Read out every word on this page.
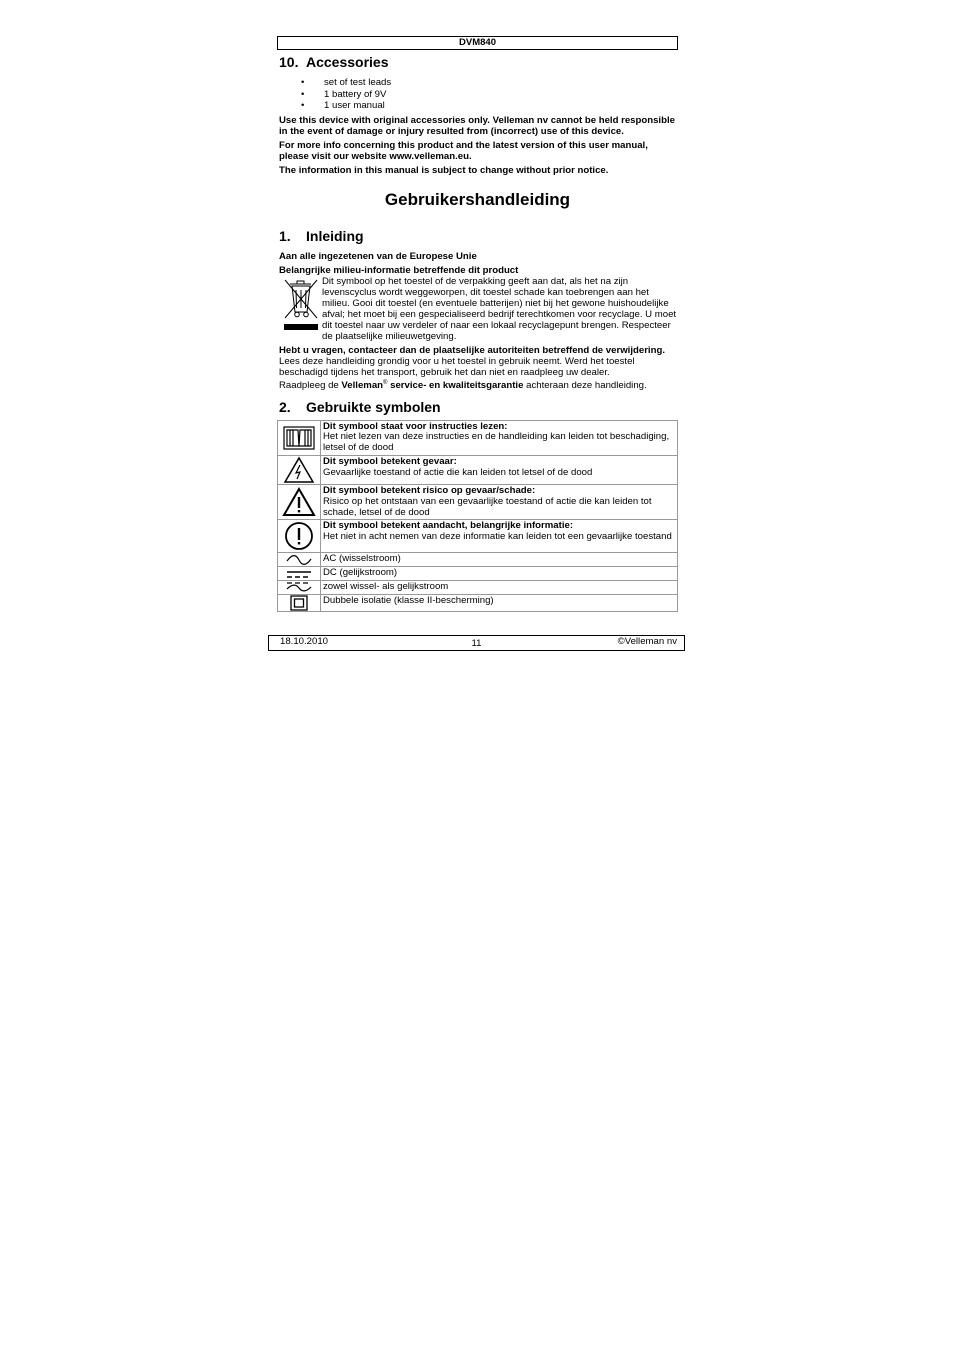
DVM840
10. Accessories
• set of test leads
• 1 battery of 9V
• 1 user manual

Use this device with original accessories only. Velleman nv cannot be held responsible in the event of damage or injury resulted from (incorrect) use of this device.

For more info concerning this product and the latest version of this user manual, please visit our website www.velleman.eu.

The information in this manual is subject to change without prior notice.

Gebruikershandleiding
1. Inleiding

Aan alle ingezetenen van de Europese Unie

Belangrijke milieu-informatie betreffende dit product

Dit symbool op het toestel of de verpakking geeft aan dat, als het na zijn levenscyclus wordt weggeworpen, dit toestel schade kan toebrengen aan het milieu. Gooi dit toestel (en eventuele batterijen) niet bij het gewone huishoudelijke afval; het moet bij een gespecialiseerd bedrijf terechtkomen voor recyclage. U moet dit toestel naar uw verdeler of naar een lokaal recyclagepunt brengen. Respecteer de plaatselijke milieuwetgeving.

Hebt u vragen, contacteer dan de plaatselijke autoriteiten betreffend de verwijdering.

Lees deze handleiding grondig voor u het toestel in gebruik neemt. Werd het toestel beschadigd tijdens het transport, gebruik het dan niet en raadpleeg uw dealer.

Raadpleeg de Velleman® service- en kwaliteitsgarantie achteraan deze handleiding.

2. Gebruikte symbolen

Dit symbool staat voor instructies lezen:
Het niet lezen van deze instructies en de handleiding kan leiden tot beschadiging, letsel of de dood

Dit symbool betekent gevaar:
Gevaarlijke toestand of actie die kan leiden tot letsel of de dood

Dit symbool betekent risico op gevaar/schade:
Risico op het ontstaan van een gevaarlijke toestand of actie die kan leiden tot schade, letsel of de dood

Dit symbool betekent aandacht, belangrijke informatie:
Het niet in acht nemen van deze informatie kan leiden tot een gevaarlijke toestand

AC (wisselstroom)

DC (gelijkstroom)

zowel wissel- als gelijkstroom

Dubbele isolatie (klasse II-bescherming)
18.10.2010	11	©Velleman nv
